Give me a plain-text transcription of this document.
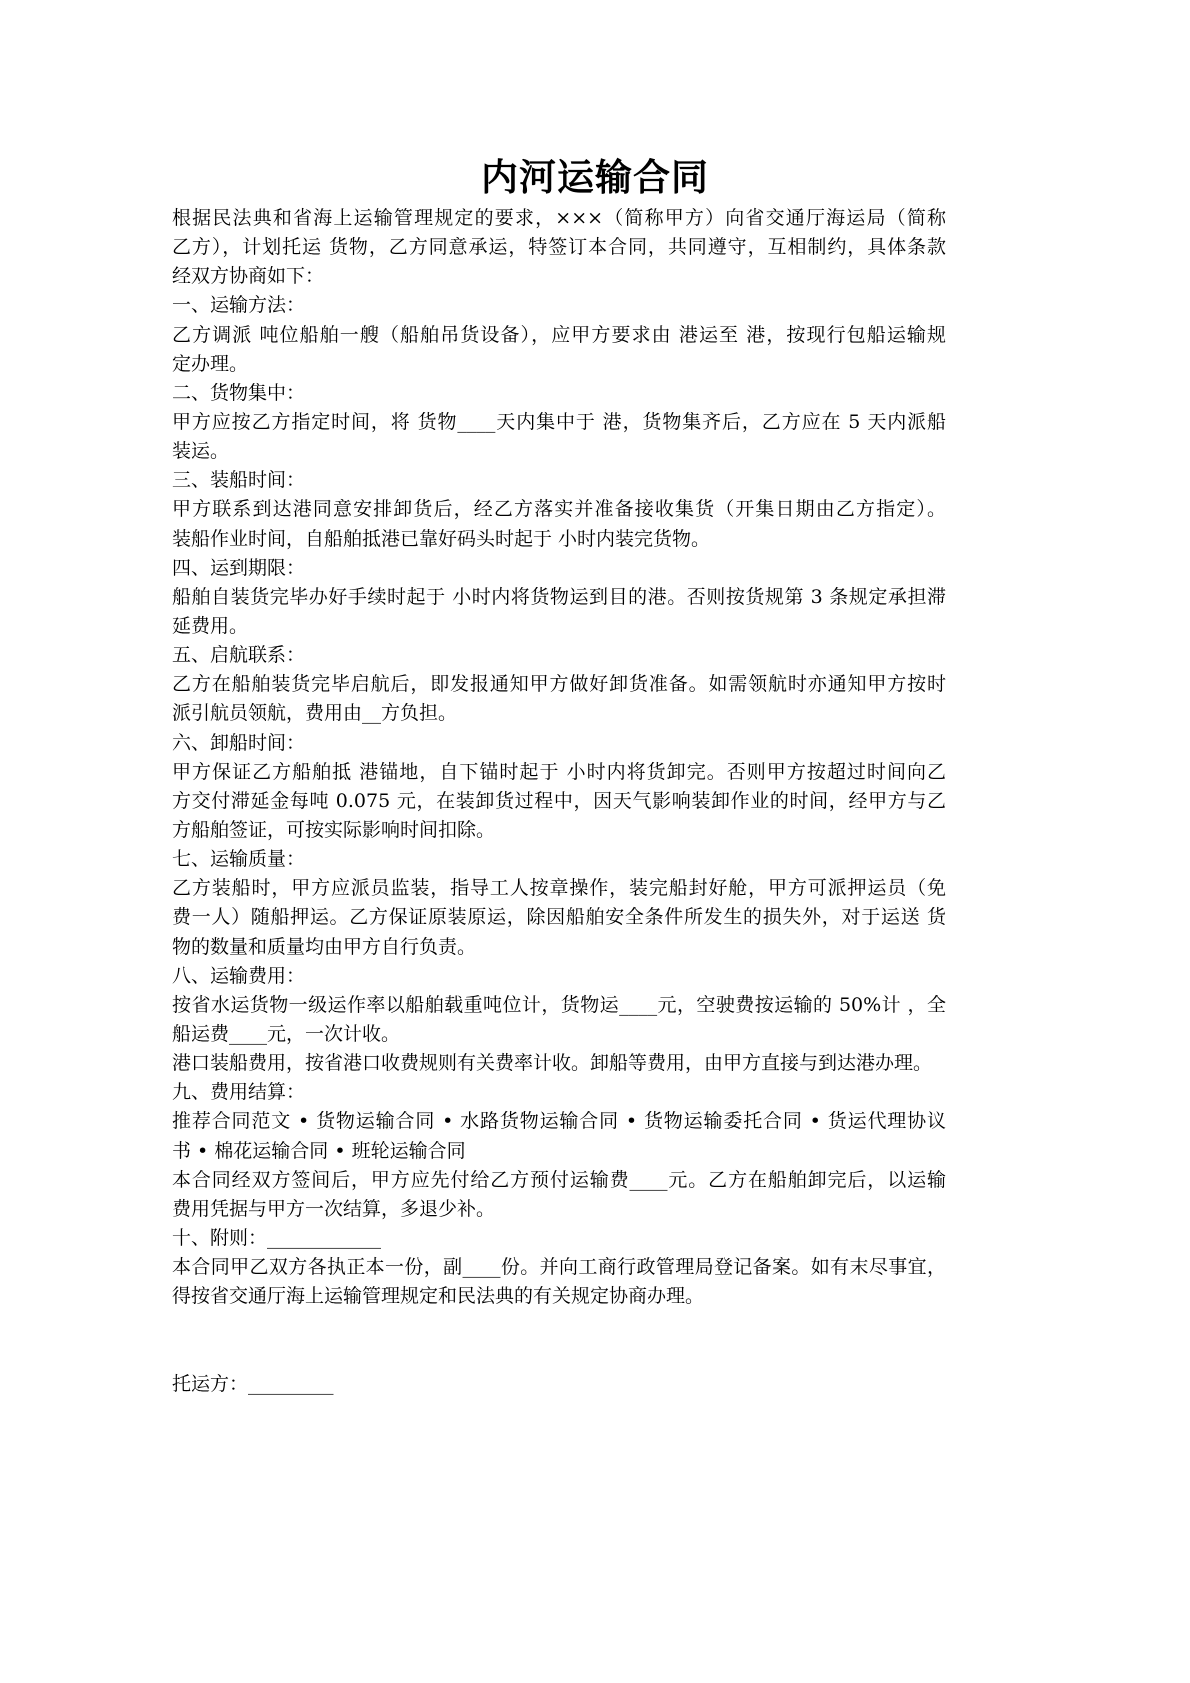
内河运输合同
根据民法典和省海上运输管理规定的要求，×××（简称甲方）向省交通厅海运局（简称
乙方），计划托运 货物，乙方同意承运，特签订本合同，共同遵守，互相制约，具体条款
经双方协商如下：
一、运输方法：
乙方调派 吨位船舶一艘（船舶吊货设备），应甲方要求由 港运至 港，按现行包船运输规
定办理。
二、货物集中：
甲方应按乙方指定时间，将 货物____天内集中于 港，货物集齐后，乙方应在 5 天内派船
装运。
三、装船时间：
甲方联系到达港同意安排卸货后，经乙方落实并准备接收集货（开集日期由乙方指定）。
装船作业时间，自船舶抵港已靠好码头时起于 小时内装完货物。
四、运到期限：
船舶自装货完毕办好手续时起于 小时内将货物运到目的港。否则按货规第 3 条规定承担滞
延费用。
五、启航联系：
乙方在船舶装货完毕启航后，即发报通知甲方做好卸货准备。如需领航时亦通知甲方按时
派引航员领航，费用由__方负担。
六、卸船时间：
甲方保证乙方船舶抵 港锚地，自下锚时起于 小时内将货卸完。否则甲方按超过时间向乙
方交付滞延金每吨 0.075 元，在装卸货过程中，因天气影响装卸作业的时间，经甲方与乙
方船舶签证，可按实际影响时间扣除。
七、运输质量：
乙方装船时，甲方应派员监装，指导工人按章操作，装完船封好舱，甲方可派押运员（免
费一人）随船押运。乙方保证原装原运，除因船舶安全条件所发生的损失外，对于运送 货
物的数量和质量均由甲方自行负责。
八、运输费用：
按省水运货物一级运作率以船舶载重吨位计，货物运____元，空驶费按运输的 50%计 ，全
船运费____元，一次计收。
港口装船费用，按省港口收费规则有关费率计收。卸船等费用，由甲方直接与到达港办理。
九、费用结算：
推荐合同范文 • 货物运输合同 • 水路货物运输合同 • 货物运输委托合同 • 货运代理协议
书 • 棉花运输合同 • 班轮运输合同
本合同经双方签间后，甲方应先付给乙方预付运输费____元。乙方在船舶卸完后，以运输
费用凭据与甲方一次结算，多退少补。
十、附则：____________
本合同甲乙双方各执正本一份，副____份。并向工商行政管理局登记备案。如有末尽事宜，
得按省交通厅海上运输管理规定和民法典的有关规定协商办理。
托运方：_________
